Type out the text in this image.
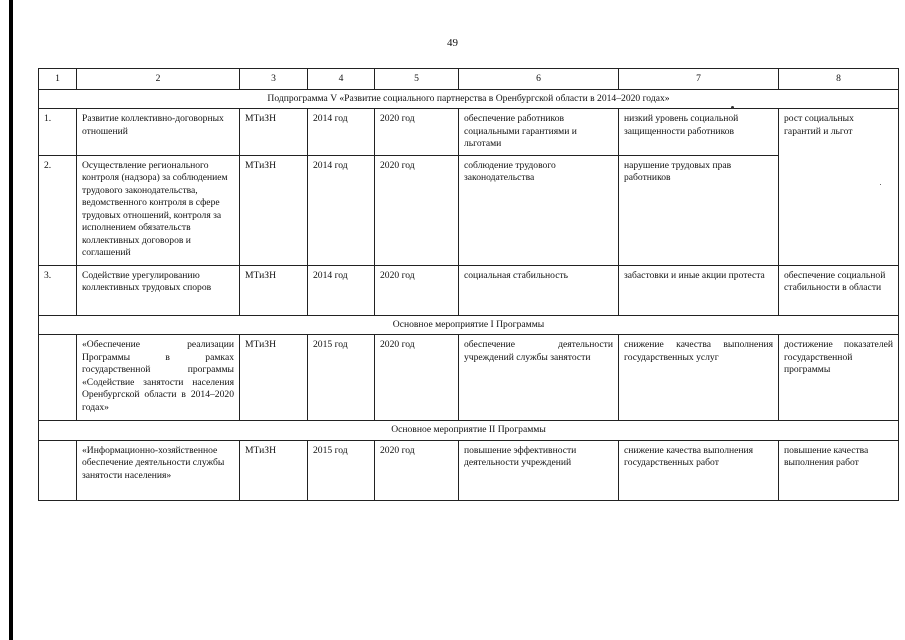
49
1	2	3	4	5	6	7	8
Подпрограмма V «Развитие социального партнерства в Оренбургской области в 2014–2020 годах»							
1.	Развитие коллективно-договорных отношений	МТиЗН	2014 год	2020 год	обеспечение работников социальными гарантиями и льготами	низкий уровень социальной защищенности работников	рост социальных гарантий и льгот
2.	Осуществление регионального контроля (надзора) за соблюдением трудового законодательства, ведомственного контроля в сфере трудовых отношений, контроля за исполнением обязательств коллективных договоров и соглашений	МТиЗН	2014 год	2020 год	соблюдение трудового законодательства	нарушение трудовых прав работников	
3.	Содействие урегулированию коллективных трудовых споров	МТиЗН	2014 год	2020 год	социальная стабильность	забастовки и иные акции протеста	обеспечение социальной стабильности в области
Основное мероприятие I Программы							
	«Обеспечение реализации Программы в рамках государственной программы «Содействие занятости населения Оренбургской области в 2014–2020 годах»	МТиЗН	2015 год	2020 год	обеспечение деятельности учреждений службы занятости	снижение качества выполнения государственных услуг	достижение показателей государственной программы
Основное мероприятие II Программы							
	«Информационно-хозяйственное обеспечение деятельности службы занятости населения»	МТиЗН	2015 год	2020 год	повышение эффективности деятельности учреждений	снижение качества выполнения государственных работ	повышение качества выполнения работ
